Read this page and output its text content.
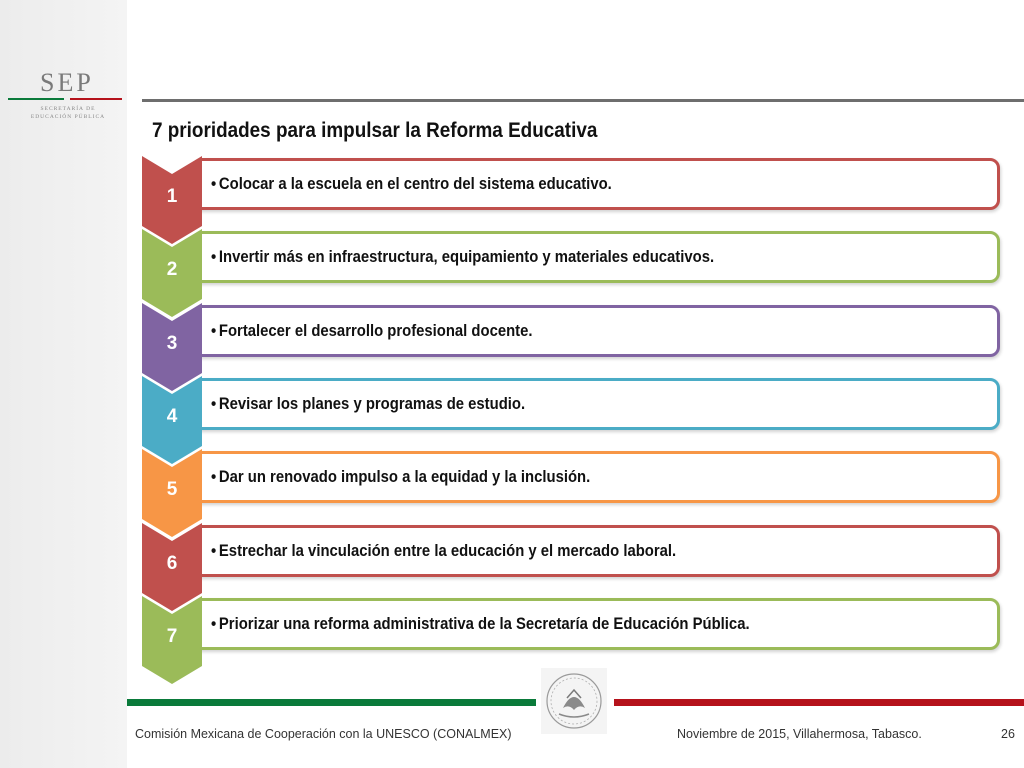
SEP
SECRETARÍA DE
EDUCACIÓN PÚBLICA
7 prioridades para impulsar la Reforma Educativa
• Colocar a la escuela en el centro del sistema educativo.
1
• Invertir más en infraestructura, equipamiento y materiales educativos.
2
• Fortalecer el desarrollo profesional docente.
3
• Revisar los planes y programas de estudio.
4
• Dar un renovado impulso a la equidad y la inclusión.
5
• Estrechar la vinculación entre la educación y el mercado laboral.
6
• Priorizar una reforma administrativa de la Secretaría de Educación Pública.
7
Comisión Mexicana de Cooperación con la UNESCO (CONALMEX)	Noviembre de 2015, Villahermosa, Tabasco.	26
